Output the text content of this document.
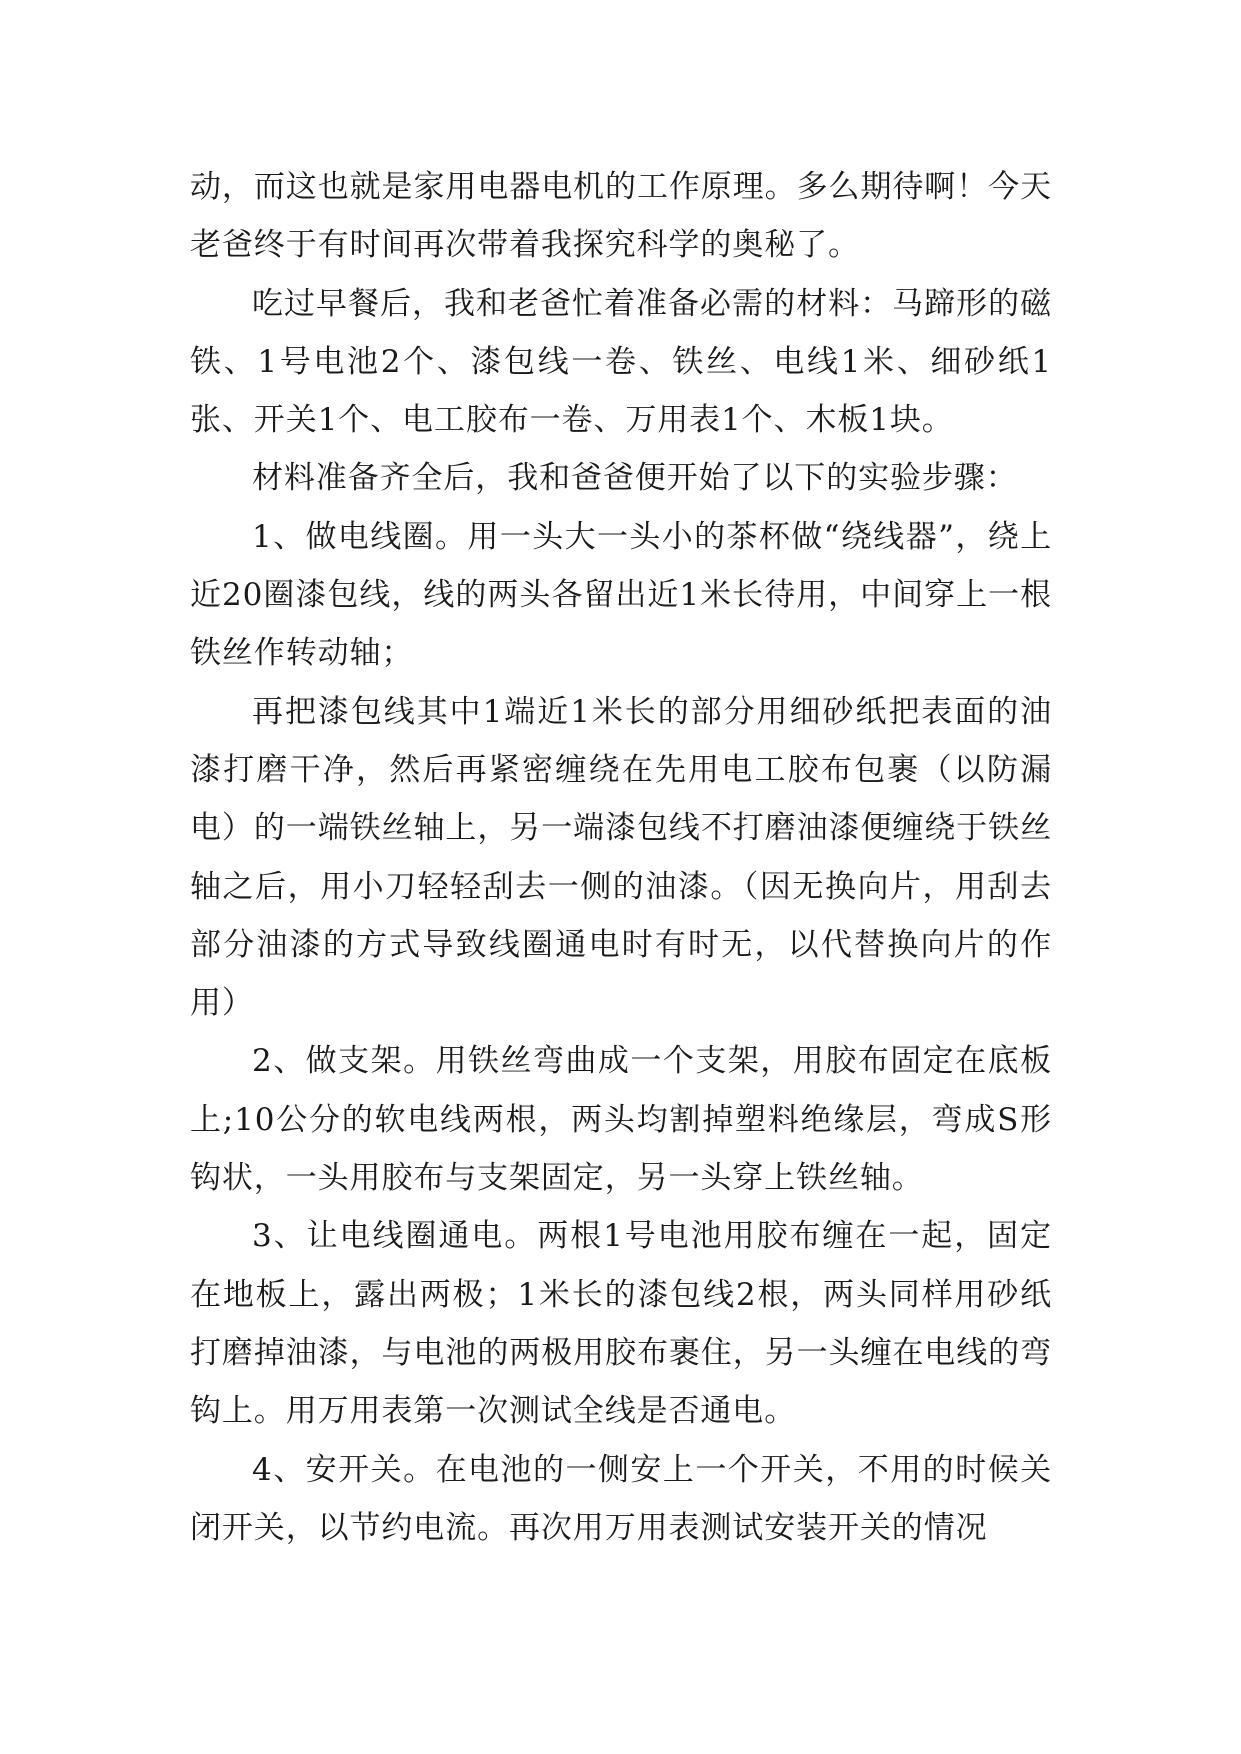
动，而这也就是家用电器电机的工作原理。多么期待啊！今天老爸终于有时间再次带着我探究科学的奥秘了。

吃过早餐后，我和老爸忙着准备必需的材料：马蹄形的磁铁、1号电池2个、漆包线一卷、铁丝、电线1米、细砂纸1张、开关1个、电工胶布一卷、万用表1个、木板1块。

材料准备齐全后，我和爸爸便开始了以下的实验步骤：

1、做电线圈。用一头大一头小的茶杯做“绕线器”，绕上近20圈漆包线，线的两头各留出近1米长待用，中间穿上一根铁丝作转动轴；

再把漆包线其中1端近1米长的部分用细砂纸把表面的油漆打磨干净，然后再紧密缠绕在先用电工胶布包裹（以防漏电）的一端铁丝轴上，另一端漆包线不打磨油漆便缠绕于铁丝轴之后，用小刀轻轻刮去一侧的油漆。（因无换向片，用刮去部分油漆的方式导致线圈通电时有时无，以代替换向片的作用）

2、做支架。用铁丝弯曲成一个支架，用胶布固定在底板上;10公分的软电线两根，两头均割掉塑料绝缘层，弯成S形钩状，一头用胶布与支架固定，另一头穿上铁丝轴。

3、让电线圈通电。两根1号电池用胶布缠在一起，固定在地板上，露出两极；1米长的漆包线2根，两头同样用砂纸打磨掉油漆，与电池的两极用胶布裹住，另一头缠在电线的弯钩上。用万用表第一次测试全线是否通电。

4、安开关。在电池的一侧安上一个开关，不用的时候关闭开关，以节约电流。再次用万用表测试安装开关的情况
